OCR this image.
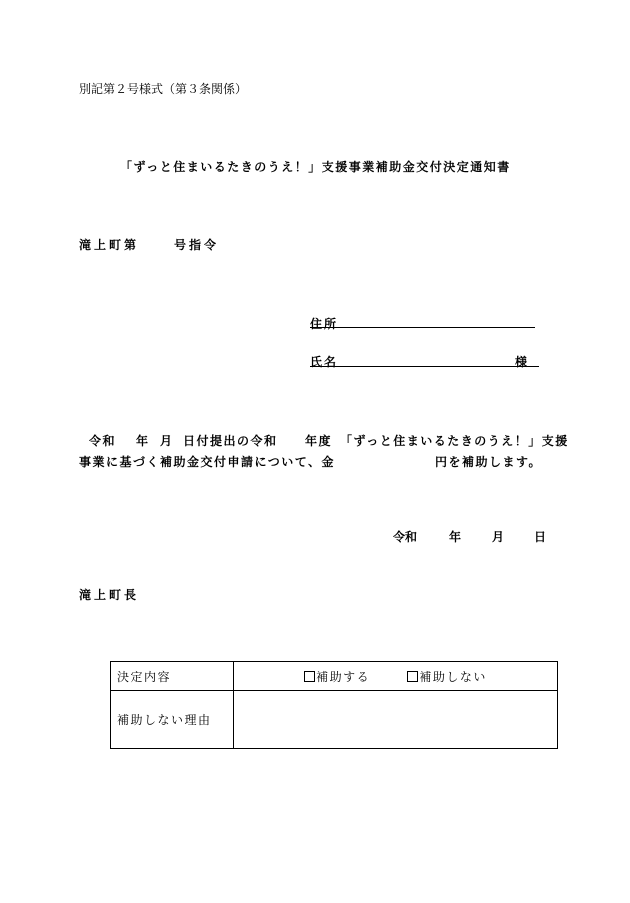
別記第２号様式（第３条関係）
「ずっと住まいるたきのうえ！」支援事業補助金交付決定通知書
滝上町第	号指令
住所
氏名	様
令和 年 月 日付提出の令和 年度 「ずっと住まいるたきのうえ！」支援
事業に基づく補助金交付申請について、金	円を補助します。
令和	年	月 日
滝上町長
決定内容	補助する 補助しない
補助しない理由	
